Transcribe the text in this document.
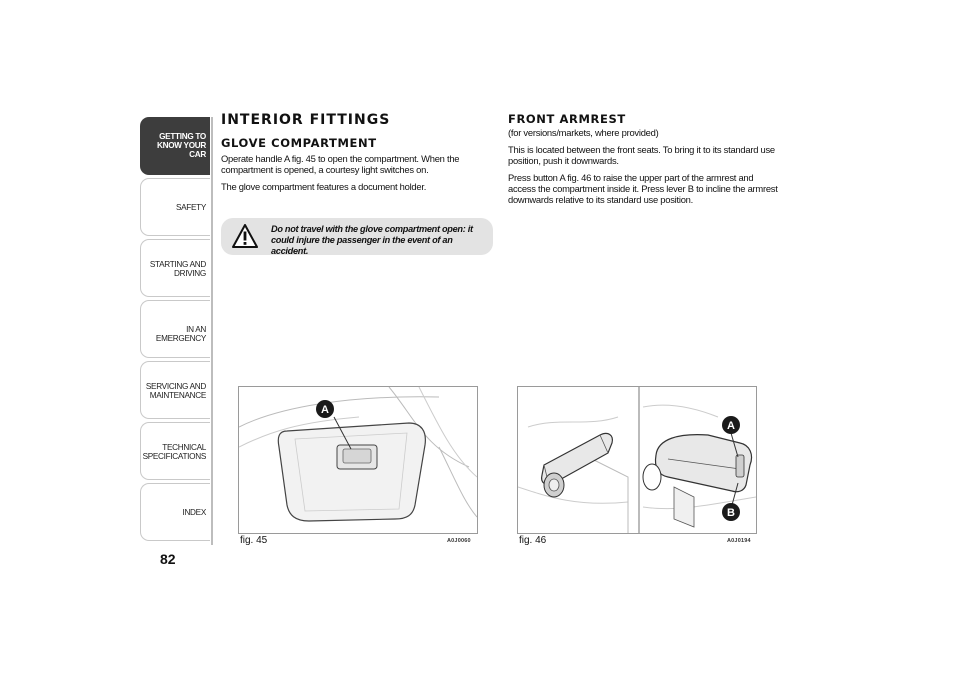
GETTING TO
KNOW YOUR CAR
SAFETY
STARTING AND
DRIVING
IN AN EMERGENCY
SERVICING AND
MAINTENANCE
TECHNICAL
SPECIFICATIONS
INDEX
82
INTERIOR FITTINGS
GLOVE COMPARTMENT

Operate handle A fig. 45 to open the compartment. When the compartment is opened, a courtesy light switches on.

The glove compartment features a document holder.

Do not travel with the glove compartment open: it could injure the passenger in the event of an accident.
FRONT ARMREST

(for versions/markets, where provided)

This is located between the front seats. To bring it to its standard use position, push it downwards.

Press button A fig. 46 to raise the upper part of the armrest and access the compartment inside it. Press lever B to incline the armrest downwards relative to its standard use position.

A
fig. 45	A0J0060
A
B
fig. 46	A0J0194
